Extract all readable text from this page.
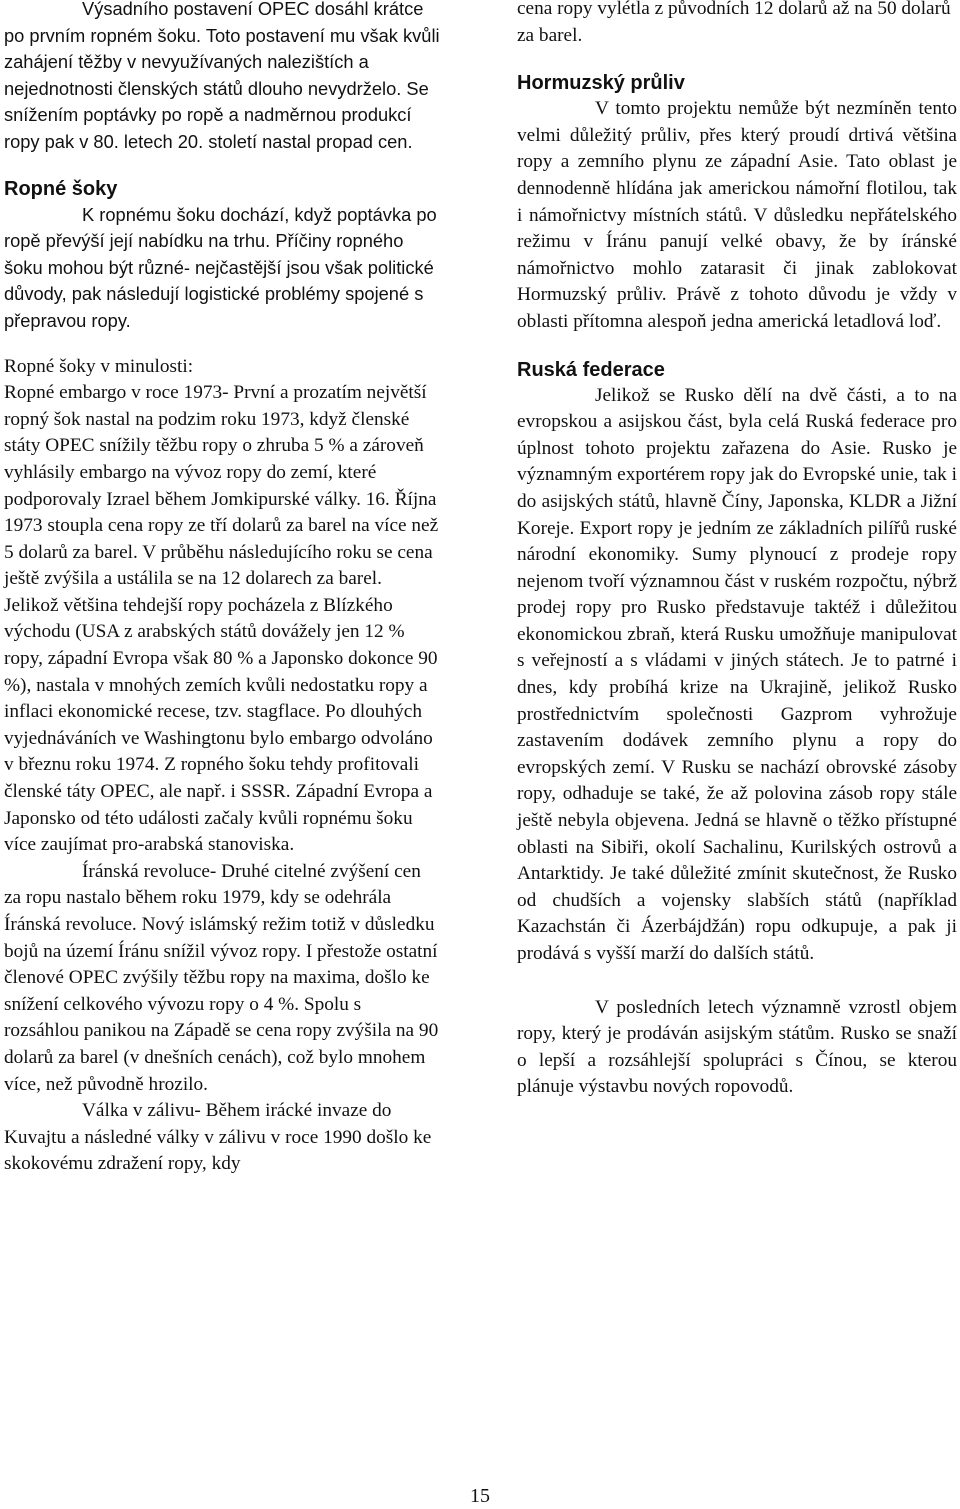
Výsadního postavení OPEC dosáhl krátce po prvním ropném šoku. Toto postavení mu však kvůli zahájení těžby v nevyužívaných nalezištích a nejednotnosti členských států dlouho nevydrželo. Se snížením poptávky po ropě a nadměrnou produkcí ropy pak v 80. letech 20. století nastal propad cen.

Ropné šoky

K ropnému šoku dochází, když poptávka po ropě převýší její nabídku na trhu. Příčiny ropného šoku mohou být různé- nejčastější jsou však politické důvody, pak následují logistické problémy spojené s přepravou ropy.

Ropné šoky v minulosti:

Ropné embargo v roce 1973- První a prozatím největší ropný šok nastal na podzim roku 1973, když členské státy OPEC snížily těžbu ropy o zhruba 5 % a zároveň vyhlásily embargo na vývoz ropy do zemí, které podporovaly Izrael během Jomkipurské války. 16. Října 1973 stoupla cena ropy ze tří dolarů za barel na více než 5 dolarů za barel. V průběhu následujícího roku se cena ještě zvýšila a ustálila se na 12 dolarech za barel. Jelikož většina tehdejší ropy pocházela z Blízkého východu (USA z arabských států dovážely jen 12 % ropy, západní Evropa však 80 % a Japonsko dokonce 90 %), nastala v mnohých zemích kvůli nedostatku ropy a inflaci ekonomické recese, tzv. stagflace. Po dlouhých vyjednáváních ve Washingtonu bylo embargo odvoláno v březnu roku 1974. Z ropného šoku tehdy profitovali členské táty OPEC, ale např. i SSSR. Západní Evropa a Japonsko od této události začaly kvůli ropnému šoku více zaujímat pro-arabská stanoviska.

Íránská revoluce- Druhé citelné zvýšení cen za ropu nastalo během roku 1979, kdy se odehrála Íránská revoluce. Nový islámský režim totiž v důsledku bojů na území Íránu snížil vývoz ropy. I přestože ostatní členové OPEC zvýšily těžbu ropy na maxima, došlo ke snížení celkového vývozu ropy o 4 %. Spolu s rozsáhlou panikou na Západě se cena ropy zvýšila na 90 dolarů za barel (v dnešních cenách), což bylo mnohem více, než původně hrozilo.

Válka v zálivu- Během irácké invaze do Kuvajtu a následné války v zálivu v roce 1990 došlo ke skokovému zdražení ropy, kdy

cena ropy vylétla z původních 12 dolarů až na 50 dolarů za barel.

Hormuzský průliv

V tomto projektu nemůže být nezmíněn tento velmi důležitý průliv, přes který proudí drtivá většina ropy a zemního plynu ze západní Asie. Tato oblast je dennodenně hlídána jak americkou námořní flotilou, tak i námořnictvy místních států. V důsledku nepřátelského režimu v Íránu panují velké obavy, že by íránské námořnictvo mohlo zatarasit či jinak zablokovat Hormuzský průliv. Právě z tohoto důvodu je vždy v oblasti přítomna alespoň jedna americká letadlová loď.

Ruská federace

Jelikož se Rusko dělí na dvě části, a to na evropskou a asijskou část, byla celá Ruská federace pro úplnost tohoto projektu zařazena do Asie. Rusko je významným exportérem ropy jak do Evropské unie, tak i do asijských států, hlavně Číny, Japonska, KLDR a Jižní Koreje. Export ropy je jedním ze základních pilířů ruské národní ekonomiky. Sumy plynoucí z prodeje ropy nejenom tvoří významnou část v ruském rozpočtu, nýbrž prodej ropy pro Rusko představuje taktéž i důležitou ekonomickou zbraň, která Rusku umožňuje manipulovat s veřejností a s vládami v jiných státech. Je to patrné i dnes, kdy probíhá krize na Ukrajině, jelikož Rusko prostřednictvím společnosti Gazprom vyhrožuje zastavením dodávek zemního plynu a ropy do evropských zemí. V Rusku se nachází obrovské zásoby ropy, odhaduje se také, že až polovina zásob ropy stále ještě nebyla objevena. Jedná se hlavně o těžko přístupné oblasti na Sibiři, okolí Sachalinu, Kurilských ostrovů a Antarktidy. Je také důležité zmínit skutečnost, že Rusko od chudších a vojensky slabších států (například Kazachstán či Ázerbájdžán) ropu odkupuje, a pak ji prodává s vyšší marží do dalších států.

V posledních letech významně vzrostl objem ropy, který je prodáván asijským státům. Rusko se snaží o lepší a rozsáhlejší spolupráci s Čínou, se kterou plánuje výstavbu nových ropovodů.

15
